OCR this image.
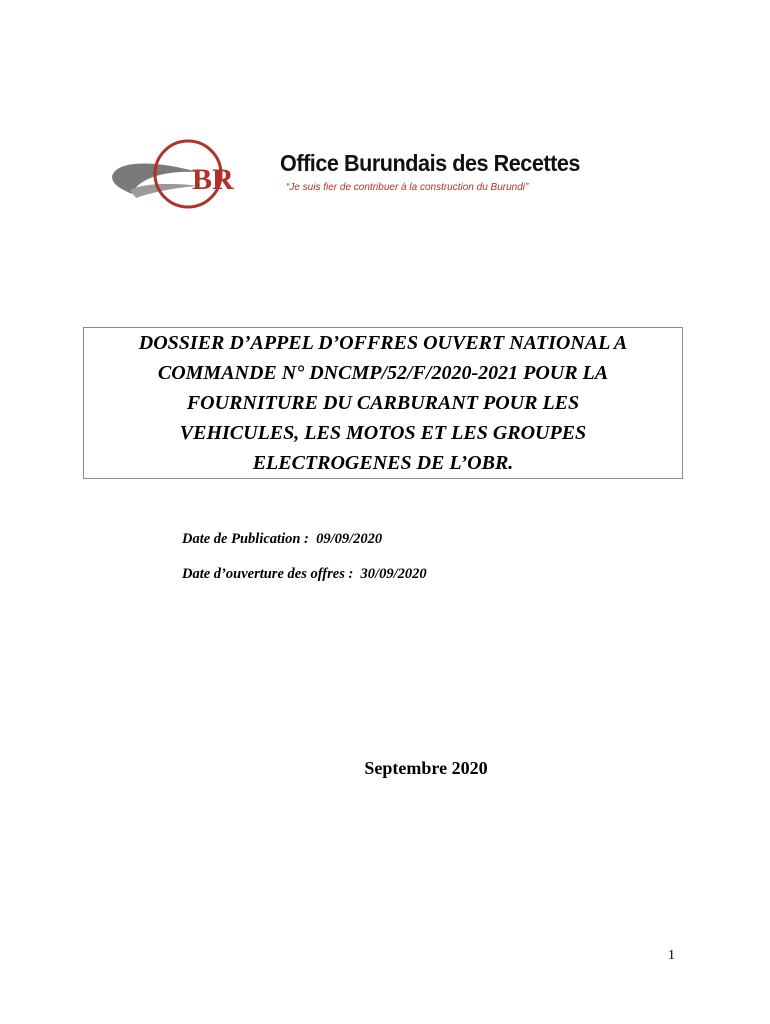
BR Office Burundais des Recettes
“Je suis fier de contribuer à la construction du Burundi”

DOSSIER D’APPEL D’OFFRES OUVERT NATIONAL A
COMMANDE N° DNCMP/52/F/2020-2021 POUR LA
FOURNITURE DU CARBURANT POUR LES
VEHICULES, LES MOTOS ET LES GROUPES
ELECTROGENES DE L’OBR.

Date de Publication :  09/09/2020
Date d’ouverture des offres :  30/09/2020
Septembre 2020
1
